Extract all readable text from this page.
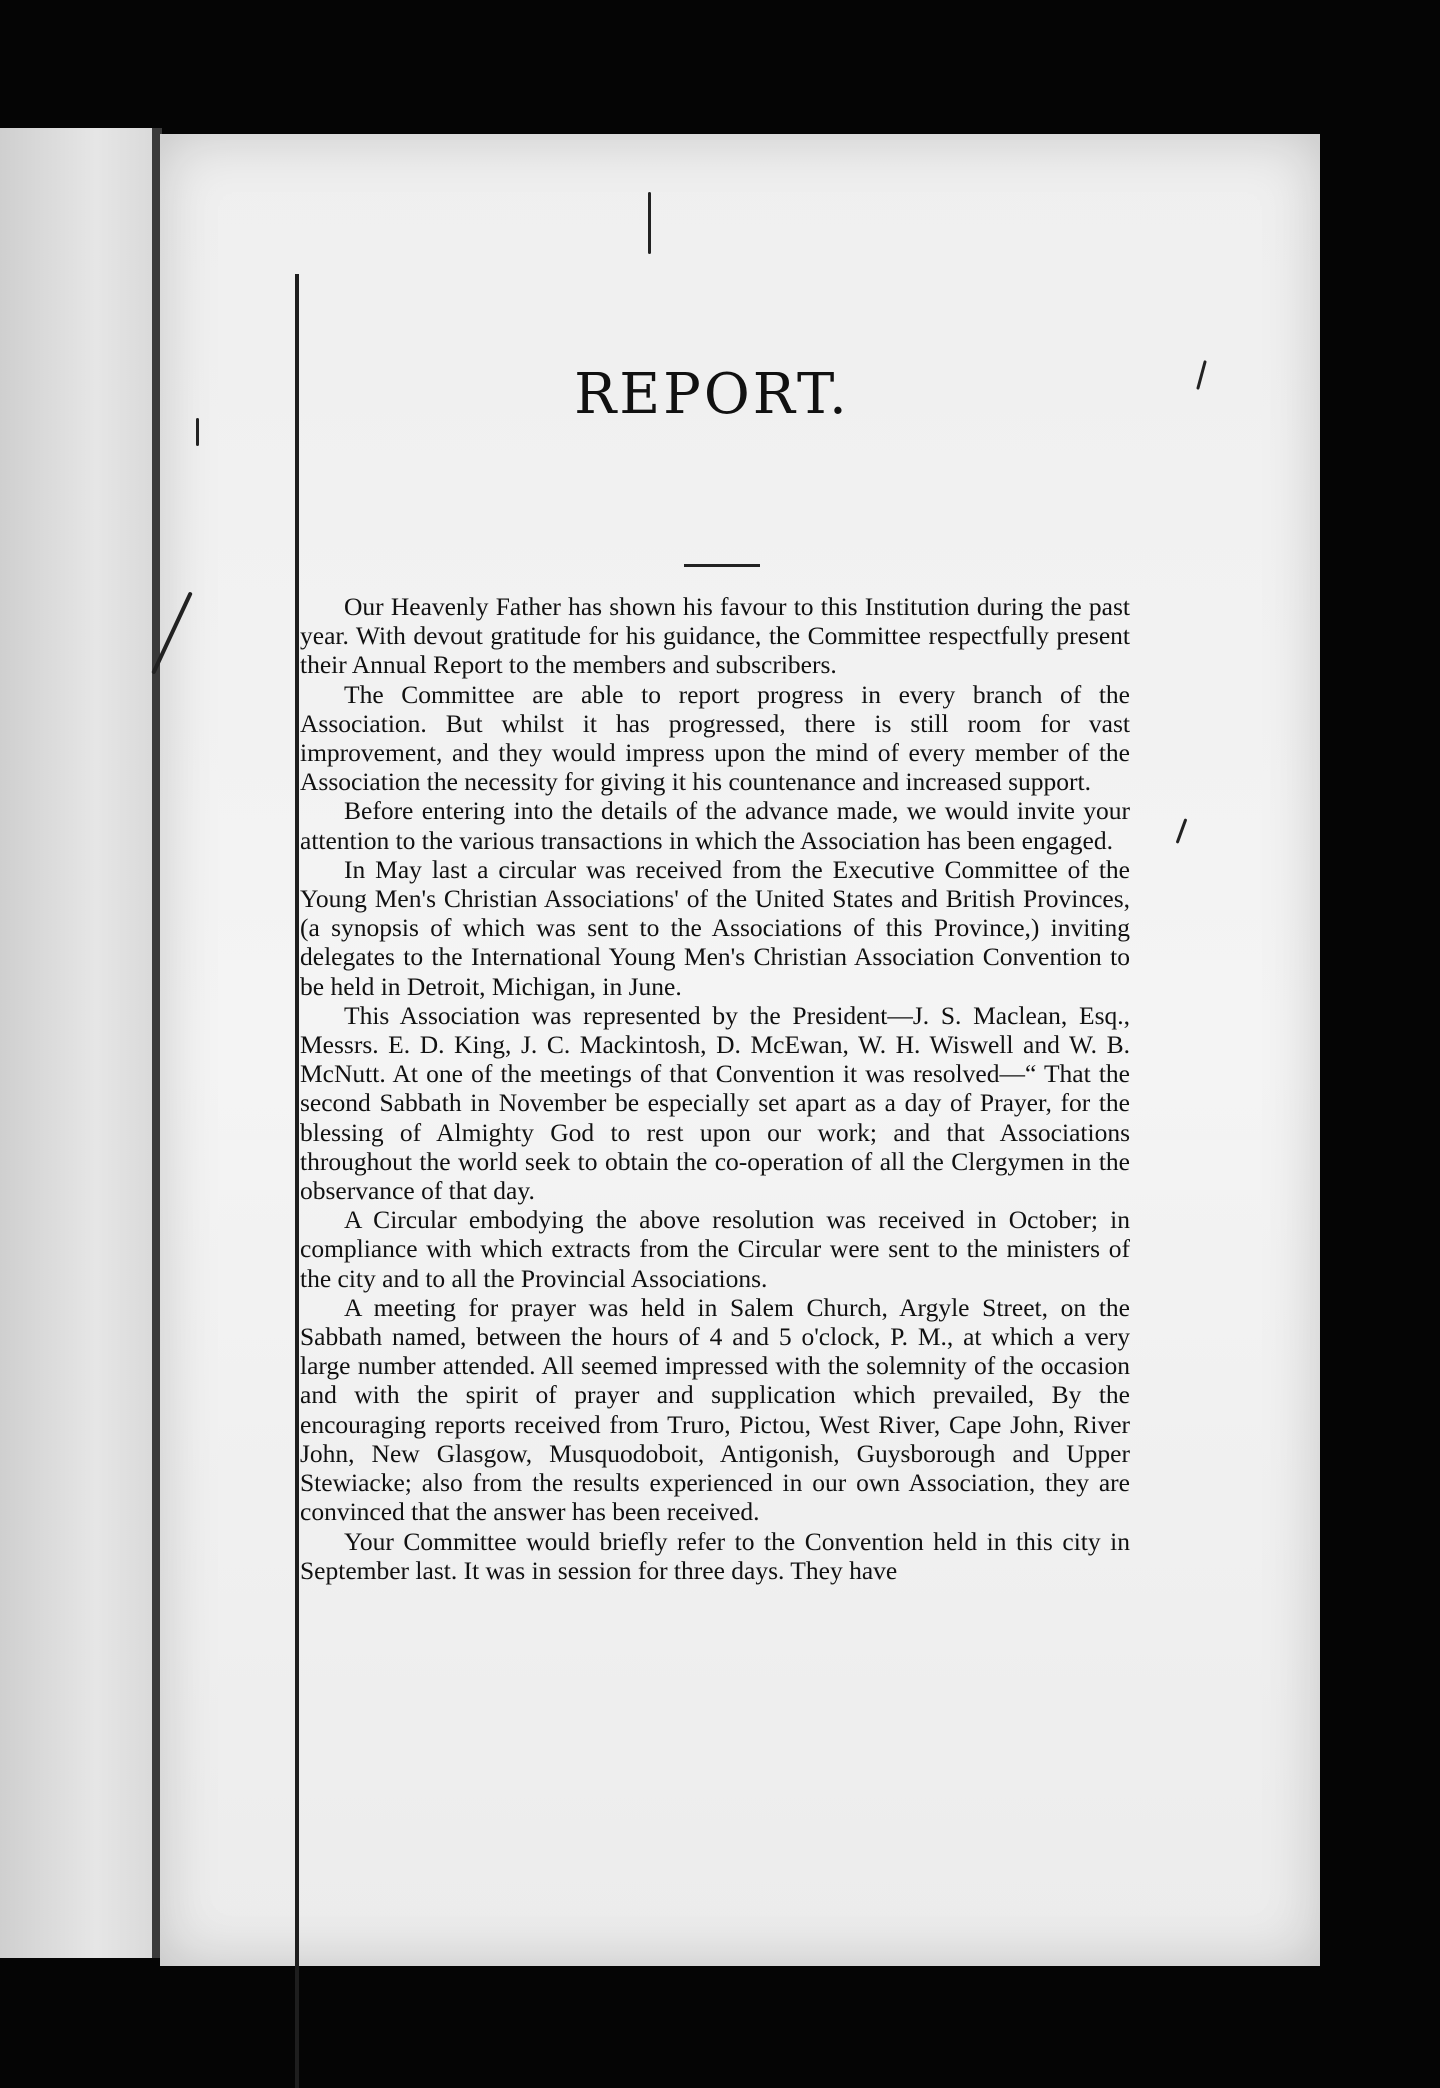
REPORT.

Our Heavenly Father has shown his favour to this Institution during the past year. With devout gratitude for his guidance, the Committee respectfully present their Annual Report to the members and subscribers.

The Committee are able to report progress in every branch of the Association. But whilst it has progressed, there is still room for vast improvement, and they would impress upon the mind of every member of the Association the necessity for giving it his countenance and increased support.

Before entering into the details of the advance made, we would invite your attention to the various transactions in which the Association has been engaged.

In May last a circular was received from the Executive Committee of the Young Men's Christian Associations' of the United States and British Provinces, (a synopsis of which was sent to the Associations of this Province,) inviting delegates to the International Young Men's Christian Association Convention to be held in Detroit, Michigan, in June.

This Association was represented by the President—J. S. Maclean, Esq., Messrs. E. D. King, J. C. Mackintosh, D. McEwan, W. H. Wiswell and W. B. McNutt. At one of the meetings of that Convention it was resolved—“ That the second Sabbath in November be especially set apart as a day of Prayer, for the blessing of Almighty God to rest upon our work; and that Associations throughout the world seek to obtain the co-operation of all the Clergymen in the observance of that day.

A Circular embodying the above resolution was received in October; in compliance with which extracts from the Circular were sent to the ministers of the city and to all the Provincial Associations.

A meeting for prayer was held in Salem Church, Argyle Street, on the Sabbath named, between the hours of 4 and 5 o'clock, P. M., at which a very large number attended. All seemed impressed with the solemnity of the occasion and with the spirit of prayer and supplication which prevailed, By the encouraging reports received from Truro, Pictou, West River, Cape John, River John, New Glasgow, Musquodoboit, Antigonish, Guysborough and Upper Stewiacke; also from the results experienced in our own Association, they are convinced that the answer has been received.

Your Committee would briefly refer to the Convention held in this city in September last. It was in session for three days. They have
